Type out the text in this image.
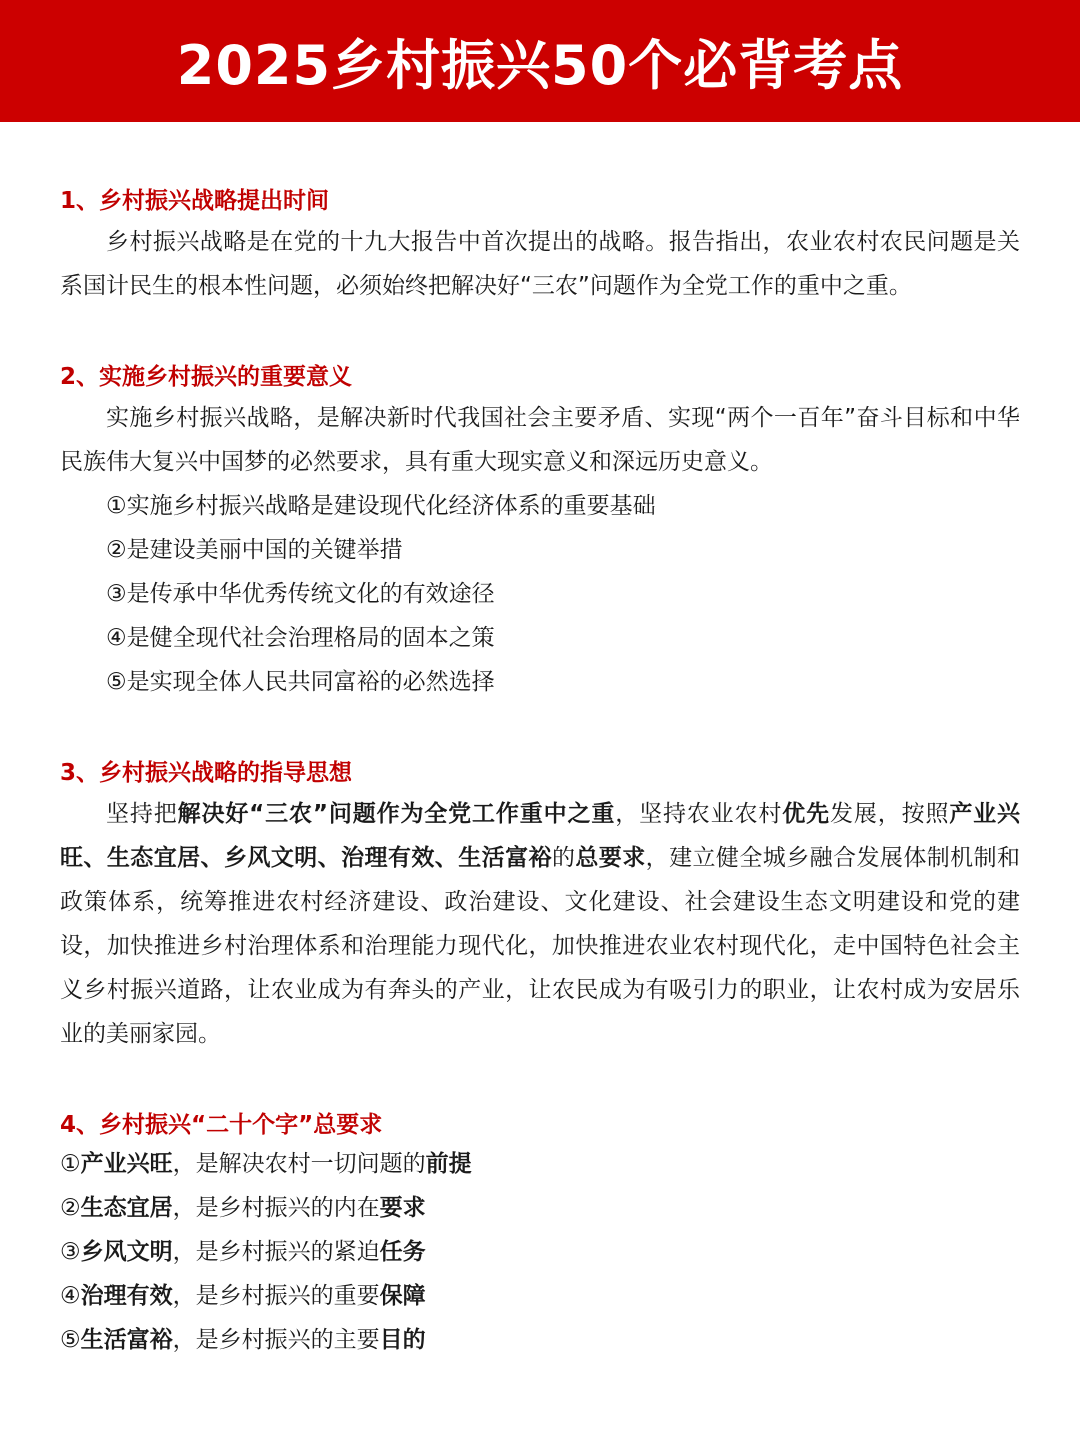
2025乡村振兴50个必背考点
1、乡村振兴战略提出时间

乡村振兴战略是在党的十九大报告中首次提出的战略。报告指出，农业农村农民问题是关系国计民生的根本性问题，必须始终把解决好“三农”问题作为全党工作的重中之重。

2、实施乡村振兴的重要意义

实施乡村振兴战略，是解决新时代我国社会主要矛盾、实现“两个一百年”奋斗目标和中华民族伟大复兴中国梦的必然要求，具有重大现实意义和深远历史意义。

①实施乡村振兴战略是建设现代化经济体系的重要基础

②是建设美丽中国的关键举措

③是传承中华优秀传统文化的有效途径

④是健全现代社会治理格局的固本之策

⑤是实现全体人民共同富裕的必然选择

3、乡村振兴战略的指导思想

坚持把解决好“三农”问题作为全党工作重中之重，坚持农业农村优先发展，按照产业兴旺、生态宜居、乡风文明、治理有效、生活富裕的总要求，建立健全城乡融合发展体制机制和政策体系，统筹推进农村经济建设、政治建设、文化建设、社会建设生态文明建设和党的建设，加快推进乡村治理体系和治理能力现代化，加快推进农业农村现代化，走中国特色社会主义乡村振兴道路，让农业成为有奔头的产业，让农民成为有吸引力的职业，让农村成为安居乐业的美丽家园。

4、乡村振兴“二十个字”总要求

①产业兴旺，是解决农村一切问题的前提

②生态宜居，是乡村振兴的内在要求

③乡风文明，是乡村振兴的紧迫任务

④治理有效，是乡村振兴的重要保障

⑤生活富裕，是乡村振兴的主要目的
